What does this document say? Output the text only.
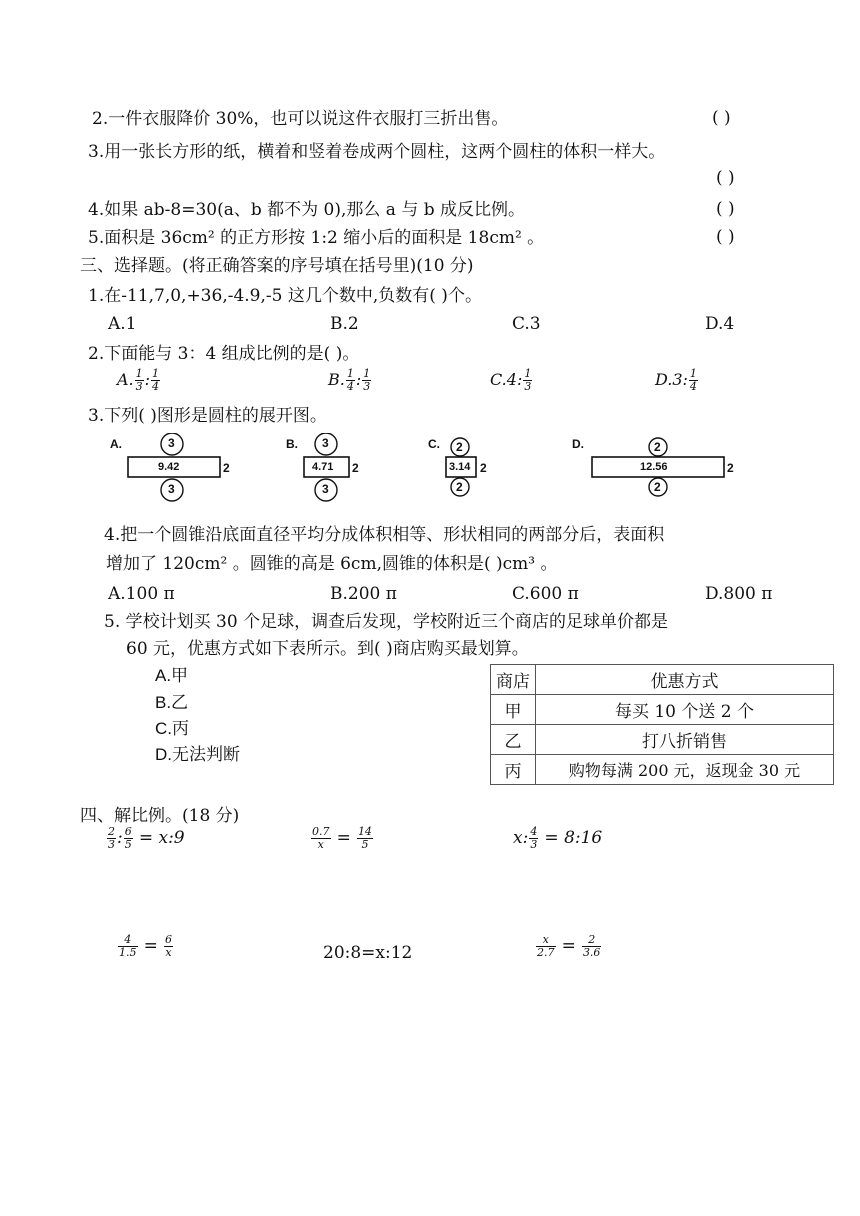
2.一件衣服降价 30%，也可以说这件衣服打三折出售。	( )
3.用一张长方形的纸，横着和竖着卷成两个圆柱，这两个圆柱的体积一样大。
( )
4.如果 ab-8=30(a、b 都不为 0),那么 a 与 b 成反比例。	( )
5.面积是 36cm² 的正方形按 1:2 缩小后的面积是 18cm² 。	( )
三、选择题。(将正确答案的序号填在括号里)(10 分)
1.在-11,7,0,+36,-4.9,-5 这几个数中,负数有( )个。
A.1	B.2	C.3	D.4
2.下面能与 3：4 组成比例的是( )。
A. $\frac{1}{3}$ : $\frac{1}{4}$	B. $\frac{1}{4}$ : $\frac{1}{3}$	C.4: $\frac{1}{3}$	D.3: $\frac{1}{4}$
3.下列( )图形是圆柱的展开图。
A.	3
9.42	2
3
B. 3
4.71 2
3
C. 2
3.14 2
2
D.	2
12.56	2
2
4.把一个圆锥沿底面直径平均分成体积相等、形状相同的两部分后，表面积
增加了 120cm² 。圆锥的高是 6cm,圆锥的体积是( )cm³ 。
A.100 π	B.200 π	C.600 π	D.800 π
5. 学校计划买 30 个足球，调查后发现，学校附近三个商店的足球单价都是
60 元，优惠方式如下表所示。到( )商店购买最划算。
A.甲
B.乙
C.丙
D.无法判断
商店	优惠方式
甲	每买 10 个送 2 个
乙	打八折销售
丙	购物每满 200 元，返现金 30 元
四、解比例。(18 分)
$\frac{2}{3}$ : $\frac{6}{5}$ = x:9	$\frac{0.7}{x} = \frac{14}{5}$	x: $\frac{4}{3}$ = 8:16
$\frac{4}{1.5} = \frac{6}{x}$	20:8=x:12	$\frac{x}{2.7} = \frac{2}{3.6}$
